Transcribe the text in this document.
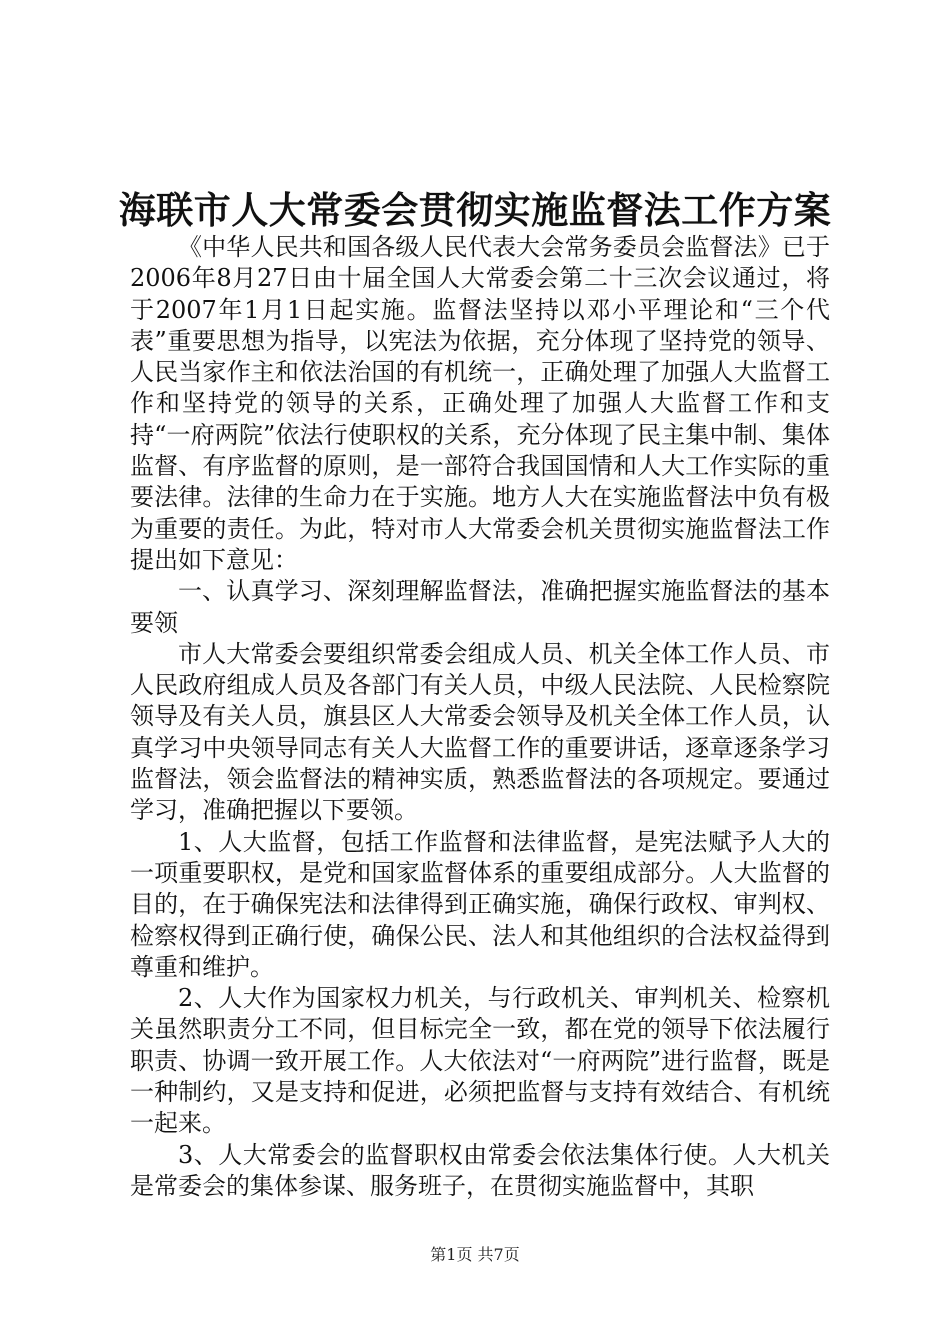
海联市人大常委会贯彻实施监督法工作方案

《中华人民共和国各级人民代表大会常务委员会监督法》已于2006年8月27日由十届全国人大常委会第二十三次会议通过，将于2007年1月1日起实施。监督法坚持以邓小平理论和“三个代表”重要思想为指导，以宪法为依据，充分体现了坚持党的领导、人民当家作主和依法治国的有机统一，正确处理了加强人大监督工作和坚持党的领导的关系，正确处理了加强人大监督工作和支持“一府两院”依法行使职权的关系，充分体现了民主集中制、集体监督、有序监督的原则，是一部符合我国国情和人大工作实际的重要法律。法律的生命力在于实施。地方人大在实施监督法中负有极为重要的责任。为此，特对市人大常委会机关贯彻实施监督法工作提出如下意见：

一、认真学习、深刻理解监督法，准确把握实施监督法的基本要领

市人大常委会要组织常委会组成人员、机关全体工作人员、市人民政府组成人员及各部门有关人员，中级人民法院、人民检察院领导及有关人员，旗县区人大常委会领导及机关全体工作人员，认真学习中央领导同志有关人大监督工作的重要讲话，逐章逐条学习监督法，领会监督法的精神实质，熟悉监督法的各项规定。要通过学习，准确把握以下要领。

1、人大监督，包括工作监督和法律监督，是宪法赋予人大的一项重要职权，是党和国家监督体系的重要组成部分。人大监督的目的，在于确保宪法和法律得到正确实施，确保行政权、审判权、检察权得到正确行使，确保公民、法人和其他组织的合法权益得到尊重和维护。

2、人大作为国家权力机关，与行政机关、审判机关、检察机关虽然职责分工不同，但目标完全一致，都在党的领导下依法履行职责、协调一致开展工作。人大依法对“一府两院”进行监督，既是一种制约，又是支持和促进，必须把监督与支持有效结合、有机统一起来。

3、人大常委会的监督职权由常委会依法集体行使。人大机关是常委会的集体参谋、服务班子，在贯彻实施监督中，其职

第1页 共7页
